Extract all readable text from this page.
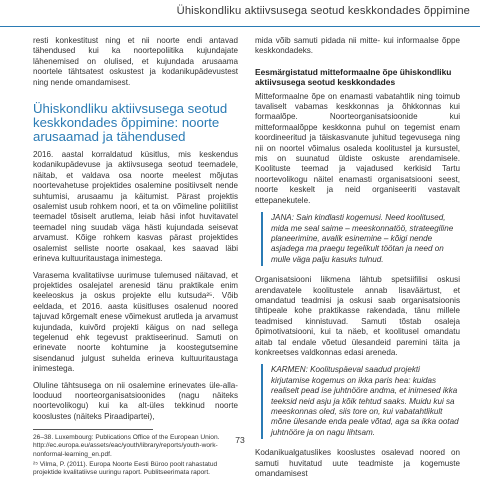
Ühiskondliku aktiivsusega seotud keskkondades õppimine

resti konkestitust ning et nii noorte endi antavad tähendused kui ka noortepoliitika kujundajate lähenemised on olulised, et kujundada arusaama noortele tähtsatest oskustest ja kodanikupädevustest ning nende omandamisest.

Ühiskondliku aktiivsusega seotud keskkondades õppimine: noorte arusaamad ja tähendused

2016. aastal korraldatud küsitlus, mis keskendus kodanikupädevuse ja aktiivsusega seotud teemadele, näitab, et valdava osa noorte meelest mõjutas noortevahetuse projektides osalemine positiivselt nende suhtumisi, arusaamu ja käitumist. Pärast projektis osalemist usub rohkem noori, et ta on võimeline poliitilist teemadel tõsiselt arutlema, leiab häsi infot huvitavatel teemadel ning suudab väga hästi kujundada seisevat arvamust. Kõige rohkem kasvas pärast projektides osalemist selliste noorte osakaal, kes saavad läbi erineva kultuuritaustaga inimestega.

Varasema kvalitatiivse uurimuse tulemused näitavad, et projektides osalejatel arenesid tänu praktikale enim keeleoskus ja oskus projekte ellu kutsuda²⁵. Võib eeldada, et 2016. aasta küsitluses osalenud noored tajuvad kõrgemalt enese võimekust arutleda ja arvamust kujundada, kuivõrd projekti käigus on nad sellega tegelenud ehk tegevust praktiseerinud. Samuti on erinevate noorte kohtumine ja koostegutsemine sisendanud julgust suhelda erineva kultuuritaustaga inimestega.

Oluline tähtsusega on nii osalemine erinevates üle-alla-looduud noorteorganisatsioonides (nagu näiteks noortevolikogu) kui ka alt-üles tekkinud noorte kooslustes (näiteks Piraadipartei),

26–38. Luxembourg: Publications Office of the European Union. http://ec.europa.eu/assets/eac/youth/library/reports/youth-work-nonformal-learning_en.pdf.

²⁵ Vilma, P. (2011). Europa Noorte Eesti Büroo poolt rahastatud projektide kvalitatiivse uuringu raport. Publitseerimata raport.

mida võib samuti pidada nii mitte- kui informaalse õppe keskkondadeks.

Eesmärgistatud mitteformaalne õpe ühiskondliku aktiivsusega seotud keskkondades

Mitteformaalne õpe on enamasti vabatahtlik ning toimub tavaliselt vabamas keskkonnas ja õhkkonnas kui formaalõpe. Noorteorganisatsioonide kui mitteformaalõppe keskkonna puhul on tegemist enam koordineeritud ja täiskasvanute juhitud tegevusega ning nii on noortel võimalus osaleda koolitustel ja kursustel, mis on suunatud üldiste oskuste arendamisele. Koolituste teemad ja vajadused kerkisid Tartu noortevolikogu näitel enamasti organisatsiooni seest, noorte keskelt ja neid organiseeriti vastavalt ettepanekutele.

JANA: Sain kindlasti kogemusi. Need koolitused, mida me seal saime – meeskonnatöö, strateegiline planeerimine, avalik esinemine – kõigi nende asjadega ma praegu tegelikult töötan ja need on mulle väga palju kasuks tulnud.

Organisatsiooni liikmena lähtub spetsiifilisi oskusi arendavatele koolitustele annab lisaväärtust, et omandatud teadmisi ja oskusi saab organisatsioonis tihtipeale kohe praktikasse rakendada, tänu millele teadmised kinnistuvad. Samuti tõstab osaleja õpimotivatsiooni, kui ta näeb, et koolitusel omandatu aitab tal endale võetud ülesandeid paremini täita ja konkreetses valdkonnas edasi areneda.

KARMEN: Koolituspäeval saadud projekti kirjutamise kogemus on ikka paris hea: kuidas realiselt pead ise juhtnööre andma, et inimesed ikka teeksid neid asju ja kõik tehtud saaks. Muidu kui sa meeskonnas oled, siis tore on, kui vabatahtlikult mõne ülesande enda peale võtad, aga sa ikka ootad juhtnööre ja on nagu lihtsam.

Kodanikualgatuslikes kooslustes osalevad noored on samuti huvitatud uute teadmiste ja kogemuste omandamisest

73
